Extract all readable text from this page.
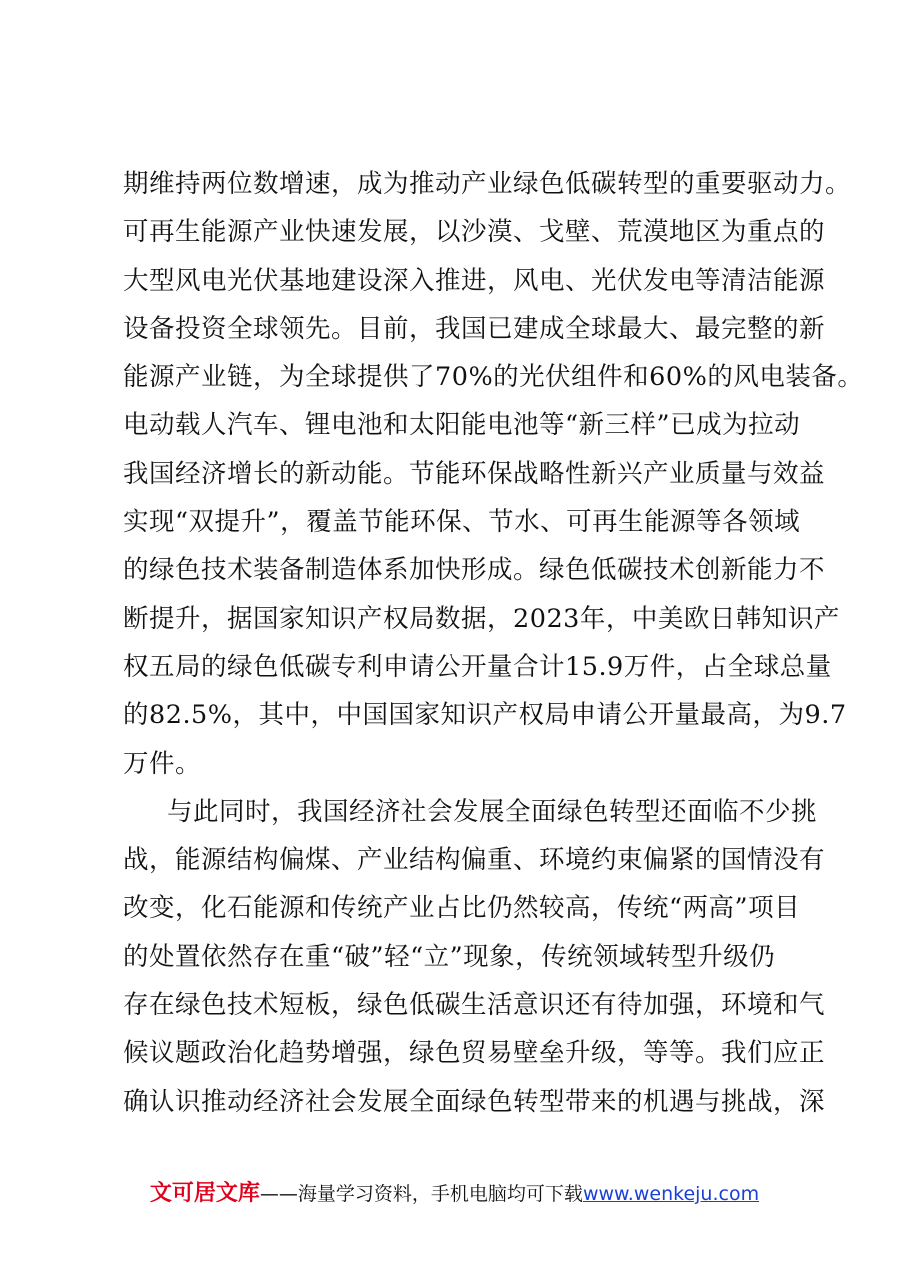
期维持两位数增速，成为推动产业绿色低碳转型的重要驱动力。
可再生能源产业快速发展，以沙漠、戈壁、荒漠地区为重点的
大型风电光伏基地建设深入推进，风电、光伏发电等清洁能源
设备投资全球领先。目前，我国已建成全球最大、最完整的新
能源产业链，为全球提供了70%的光伏组件和60%的风电装备。
电动载人汽车、锂电池和太阳能电池等“新三样”已成为拉动
我国经济增长的新动能。节能环保战略性新兴产业质量与效益
实现“双提升”，覆盖节能环保、节水、可再生能源等各领域
的绿色技术装备制造体系加快形成。绿色低碳技术创新能力不
断提升，据国家知识产权局数据，2023年，中美欧日韩知识产
权五局的绿色低碳专利申请公开量合计15.9万件，占全球总量
的82.5%，其中，中国国家知识产权局申请公开量最高，为9.7
万件。
与此同时，我国经济社会发展全面绿色转型还面临不少挑
战，能源结构偏煤、产业结构偏重、环境约束偏紧的国情没有
改变，化石能源和传统产业占比仍然较高，传统“两高”项目
的处置依然存在重“破”轻“立”现象，传统领域转型升级仍
存在绿色技术短板，绿色低碳生活意识还有待加强，环境和气
候议题政治化趋势增强，绿色贸易壁垒升级，等等。我们应正
确认识推动经济社会发展全面绿色转型带来的机遇与挑战，深
文可居文库——海量学习资料，手机电脑均可下载www.wenkeju.com
